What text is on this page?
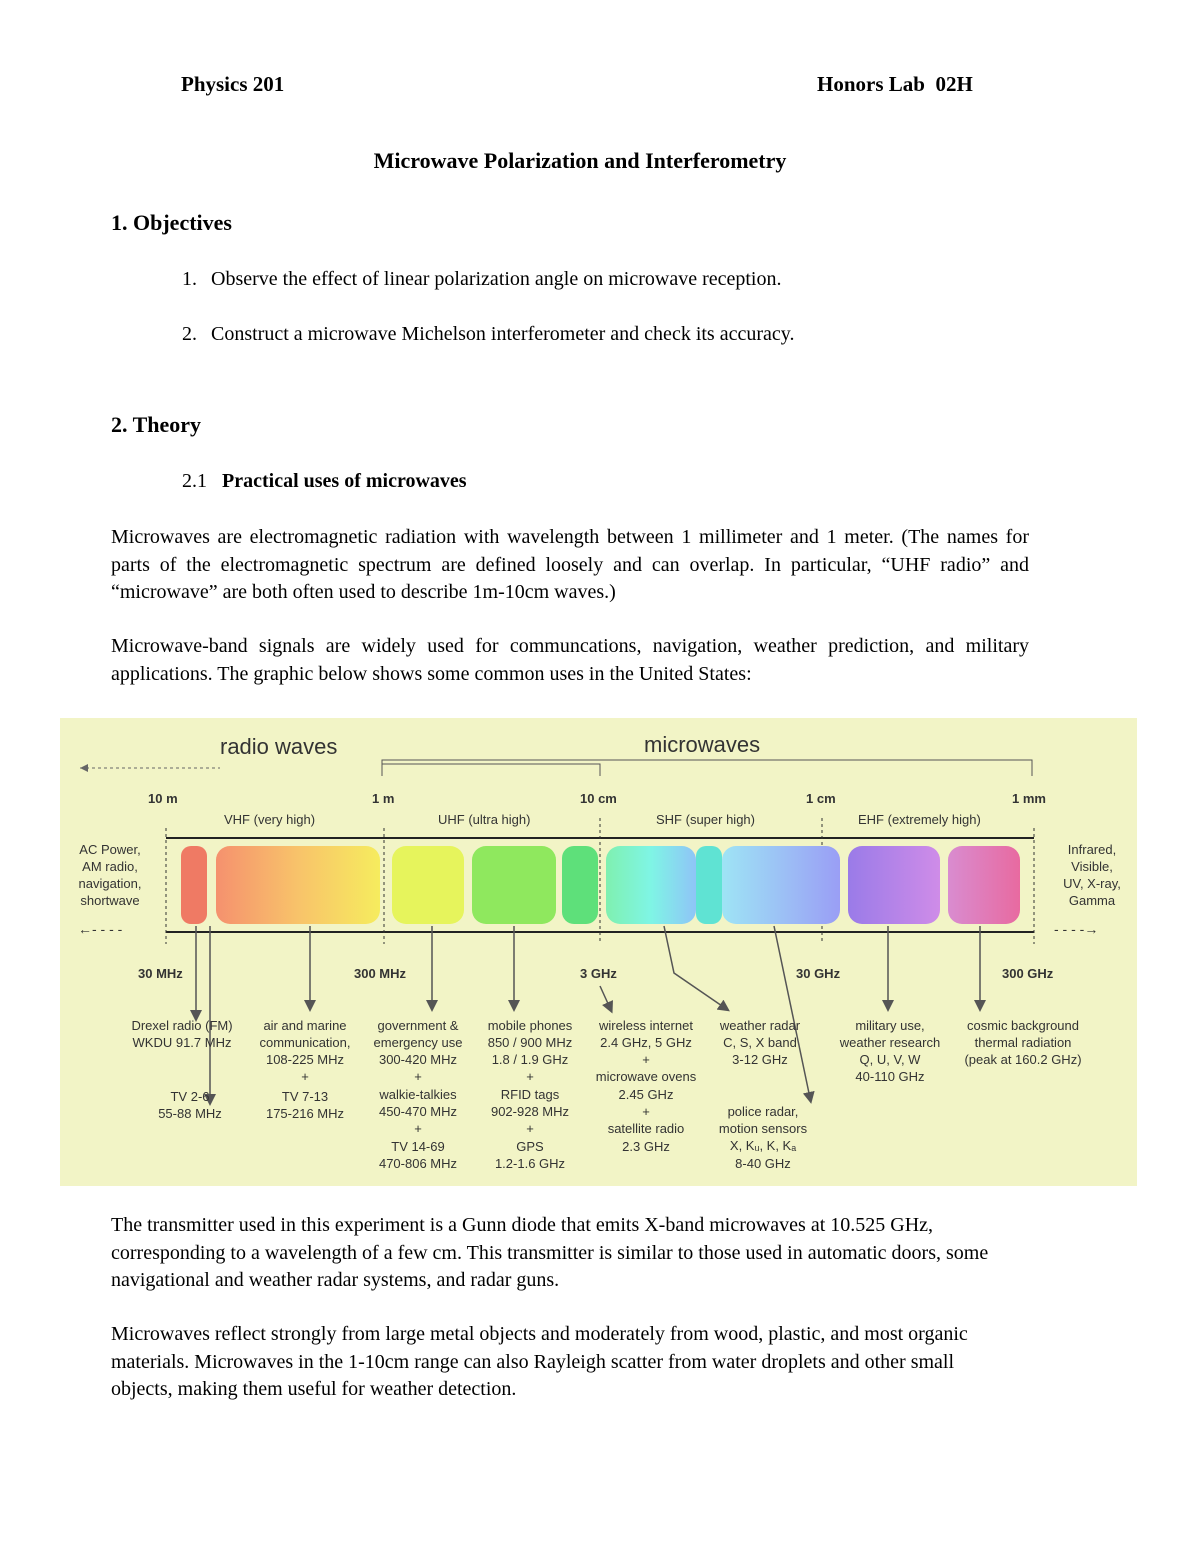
Physics 201	Honors Lab  02H
Microwave Polarization and Interferometry
1. Objectives
1. Observe the effect of linear polarization angle on microwave reception.
2. Construct a microwave Michelson interferometer and check its accuracy.
2. Theory
2.1 Practical uses of microwaves
Microwaves are electromagnetic radiation with wavelength between 1 millimeter and 1 meter. (The names for parts of the electromagnetic spectrum are defined loosely and can overlap. In particular, “UHF radio” and “microwave” are both often used to describe 1m-10cm waves.)
Microwave-band signals are widely used for communcations, navigation, weather prediction, and military applications. The graphic below shows some common uses in the United States:
radio waves	microwaves
10 m	1 m	10 cm	1 cm	1 mm
VHF (very high)	UHF (ultra high)	SHF (super high)	EHF (extremely high)
AC Power,
AM radio,
navigation,
shortwave
Infrared,
Visible,
UV, X-ray,
Gamma
←- - - -	- - - -→
30 MHz	300 MHz	3 GHz	30 GHz	300 GHz
Drexel radio (FM)
WKDU 91.7 MHz
TV 2-6
55-88 MHz
air and marine
communication,
108-225 MHz
+
TV 7-13
175-216 MHz
government &
emergency use
300-420 MHz
+
walkie-talkies
450-470 MHz
+
TV 14-69
470-806 MHz
mobile phones
850 / 900 MHz
1.8 / 1.9 GHz
+
RFID tags
902-928 MHz
+
GPS
1.2-1.6 GHz
wireless internet
2.4 GHz, 5 GHz
+
microwave ovens
2.45 GHz
+
satellite radio
2.3 GHz
weather radar
C, S, X band
3-12 GHz
police radar,
motion sensors
X, Kᵤ, K, Kₐ
8-40 GHz
military use,
weather research
Q, U, V, W
40-110 GHz
cosmic background
thermal radiation
(peak at 160.2 GHz)
The transmitter used in this experiment is a Gunn diode that emits X-band microwaves at 10.525 GHz, corresponding to a wavelength of a few cm. This transmitter is similar to those used in automatic doors, some navigational and weather radar systems, and radar guns.
Microwaves reflect strongly from large metal objects and moderately from wood, plastic, and most organic materials. Microwaves in the 1-10cm range can also Rayleigh scatter from water droplets and other small objects, making them useful for weather detection.
